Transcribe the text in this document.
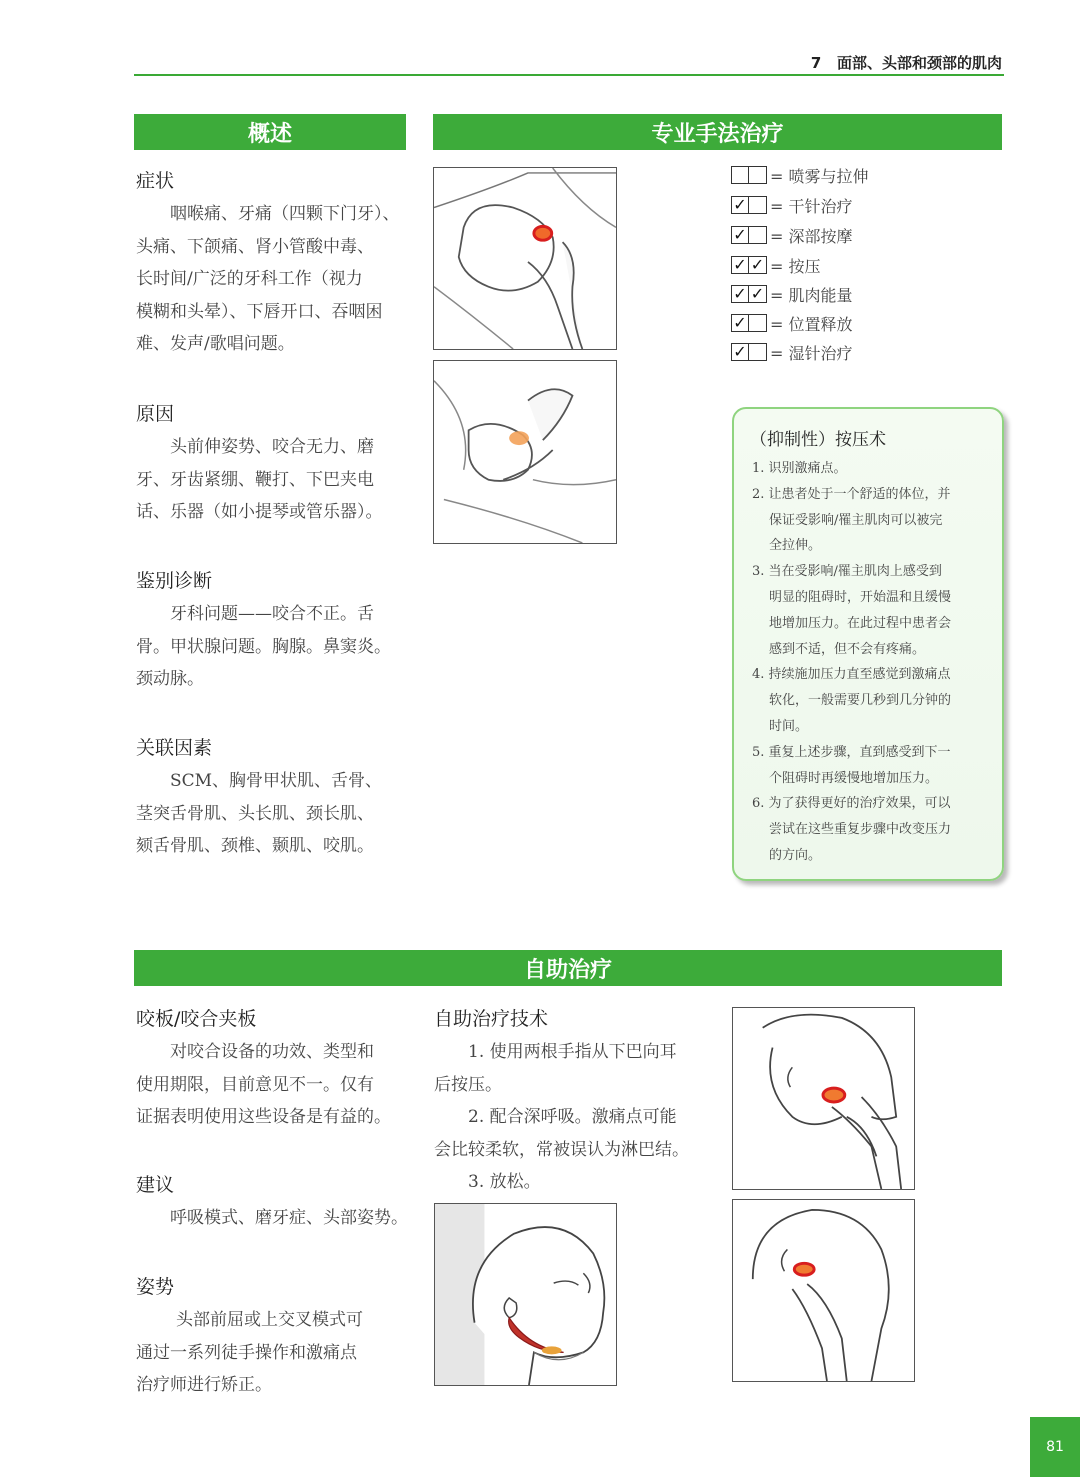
7 面部、头部和颈部的肌肉
概述	专业手法治疗
自助治疗
症状
咽喉痛、牙痛（四颗下门牙）、
头痛、下颌痛、肾小管酸中毒、
长时间/广泛的牙科工作（视力
模糊和头晕）、下唇开口、吞咽困
难、发声/歌唱问题。
原因
头前伸姿势、咬合无力、磨
牙、牙齿紧绷、鞭打、下巴夹电
话、乐器（如小提琴或管乐器）。
鉴别诊断
牙科问题——咬合不正。舌
骨。甲状腺问题。胸腺。鼻窦炎。
颈动脉。
关联因素
SCM、胸骨甲状肌、舌骨、
茎突舌骨肌、头长肌、颈长肌、
颏舌骨肌、颈椎、颞肌、咬肌。
= 喷雾与拉伸
✓ = 干针治疗
✓ = 深部按摩
✓ ✓ = 按压
✓ ✓ = 肌肉能量
✓ = 位置释放
✓ = 湿针治疗
（抑制性）按压术
1. 识别激痛点。
2. 让患者处于一个舒适的体位，并
保证受影响/罹主肌肉可以被完
全拉伸。
3. 当在受影响/罹主肌肉上感受到
明显的阻碍时，开始温和且缓慢
地增加压力。在此过程中患者会
感到不适，但不会有疼痛。
4. 持续施加压力直至感觉到激痛点
软化，一般需要几秒到几分钟的
时间。
5. 重复上述步骤，直到感受到下一
个阻碍时再缓慢地增加压力。
6. 为了获得更好的治疗效果，可以
尝试在这些重复步骤中改变压力
的方向。
咬板/咬合夹板
对咬合设备的功效、类型和
使用期限，目前意见不一。仅有
证据表明使用这些设备是有益的。
建议
呼吸模式、磨牙症、头部姿势。
姿势
头部前屈或上交叉模式可
通过一系列徒手操作和激痛点
治疗师进行矫正。
自助治疗技术
1. 使用两根手指从下巴向耳
后按压。
2. 配合深呼吸。激痛点可能
会比较柔软，常被误认为淋巴结。
3. 放松。
81
